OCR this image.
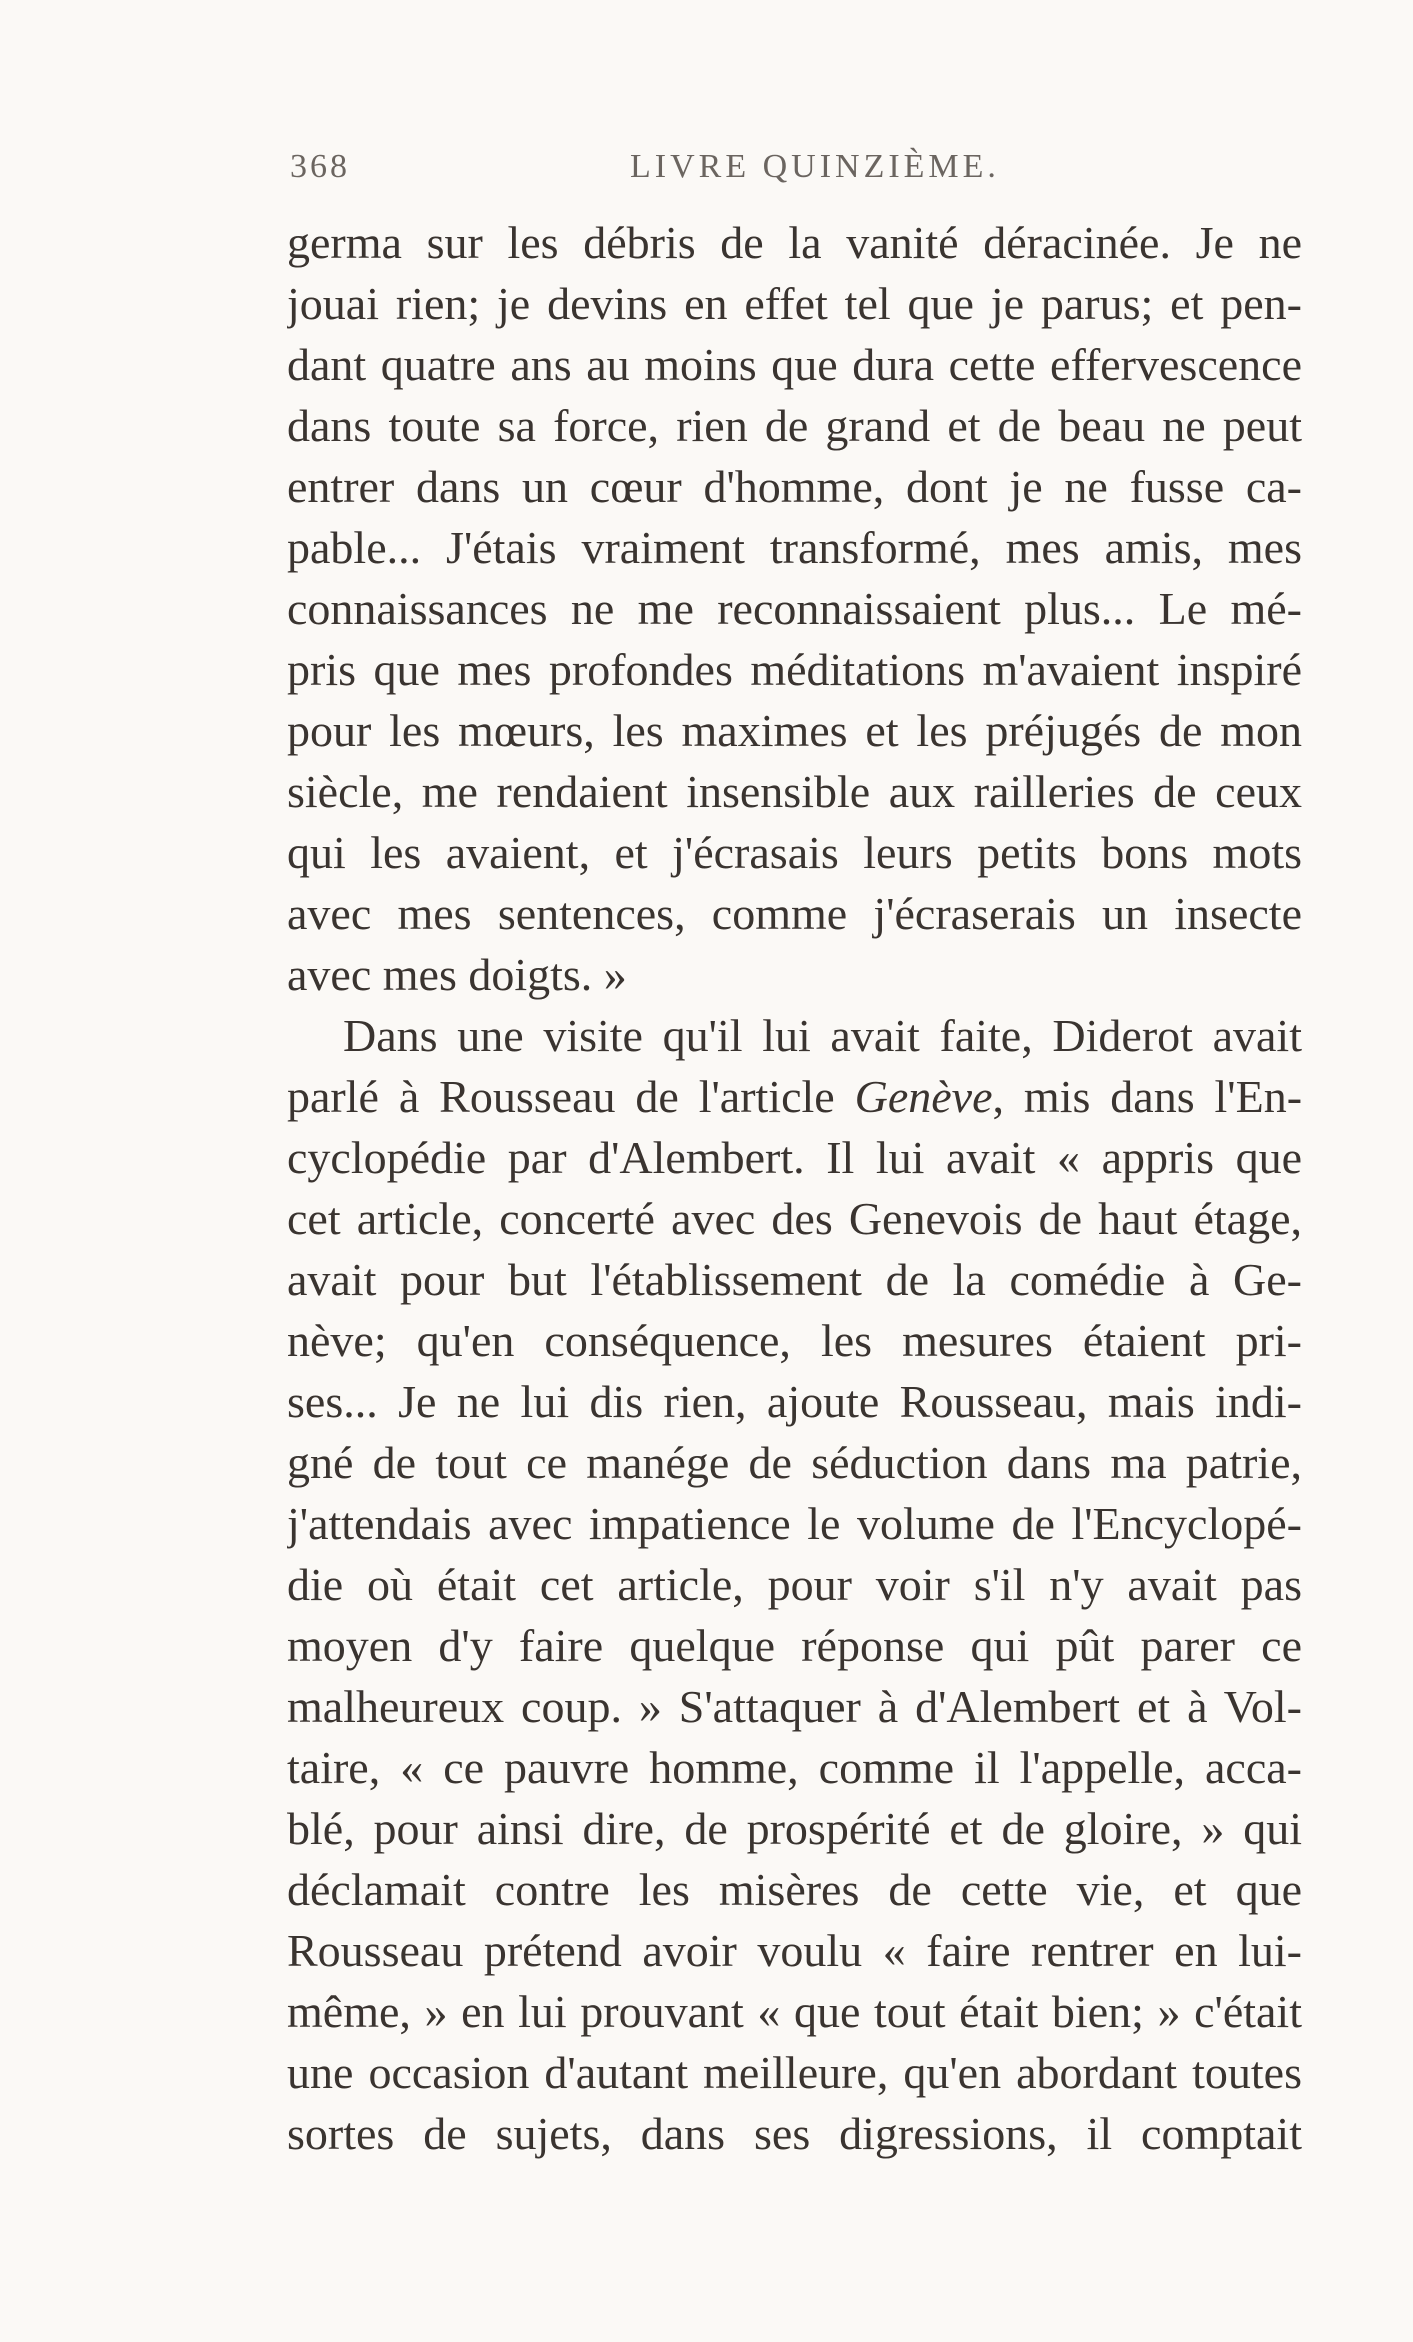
368	LIVRE QUINZIÈME.
germa sur les débris de la vanité déracinée. Je ne
jouai rien; je devins en effet tel que je parus; et pen-
dant quatre ans au moins que dura cette effervescence
dans toute sa force, rien de grand et de beau ne peut
entrer dans un cœur d'homme, dont je ne fusse ca-
pable... J'étais vraiment transformé, mes amis, mes
connaissances ne me reconnaissaient plus... Le mé-
pris que mes profondes méditations m'avaient inspiré
pour les mœurs, les maximes et les préjugés de mon
siècle, me rendaient insensible aux railleries de ceux
qui les avaient, et j'écrasais leurs petits bons mots
avec mes sentences, comme j'écraserais un insecte
avec mes doigts. »
Dans une visite qu'il lui avait faite, Diderot avait
parlé à Rousseau de l'article Genève, mis dans l'En-
cyclopédie par d'Alembert. Il lui avait « appris que
cet article, concerté avec des Genevois de haut étage,
avait pour but l'établissement de la comédie à Ge-
nève; qu'en conséquence, les mesures étaient pri-
ses... Je ne lui dis rien, ajoute Rousseau, mais indi-
gné de tout ce manége de séduction dans ma patrie,
j'attendais avec impatience le volume de l'Encyclopé-
die où était cet article, pour voir s'il n'y avait pas
moyen d'y faire quelque réponse qui pût parer ce
malheureux coup. » S'attaquer à d'Alembert et à Vol-
taire, « ce pauvre homme, comme il l'appelle, acca-
blé, pour ainsi dire, de prospérité et de gloire, » qui
déclamait contre les misères de cette vie, et que
Rousseau prétend avoir voulu « faire rentrer en lui-
même, » en lui prouvant « que tout était bien; » c'était
une occasion d'autant meilleure, qu'en abordant toutes
sortes de sujets, dans ses digressions, il comptait
